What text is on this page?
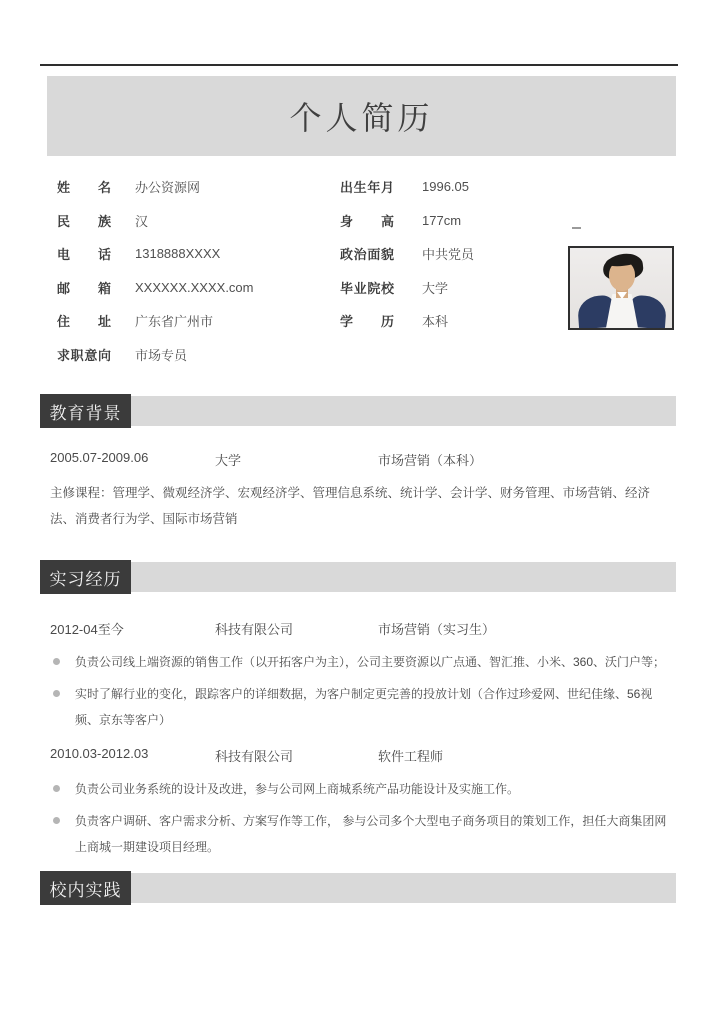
个人简历
姓名 办公资源网
民族 汉
电话 1318888XXXX
邮箱 XXXXXX.XXXX.com
住址 广东省广州市
求职意向 市场专员
出生年月 1996.05
身高 177cm
政治面貌 中共党员
毕业院校 大学
学历 本科
教育背景
2005.07-2009.06	大学	市场营销（本科）
主修课程：管理学、微观经济学、宏观经济学、管理信息系统、统计学、会计学、财务管理、市场营销、经济法、消费者行为学、国际市场营销
实习经历
2012-04至今	科技有限公司	市场营销（实习生）
负责公司线上端资源的销售工作（以开拓客户为主），公司主要资源以广点通、智汇推、小米、360、沃门户等；
实时了解行业的变化，跟踪客户的详细数据，为客户制定更完善的投放计划（合作过珍爱网、世纪佳缘、56视频、京东等客户）
2010.03-2012.03	科技有限公司	软件工程师
负责公司业务系统的设计及改进，参与公司网上商城系统产品功能设计及实施工作。
负责客户调研、客户需求分析、方案写作等工作， 参与公司多个大型电子商务项目的策划工作，担任大商集团网上商城一期建设项目经理。
校内实践
